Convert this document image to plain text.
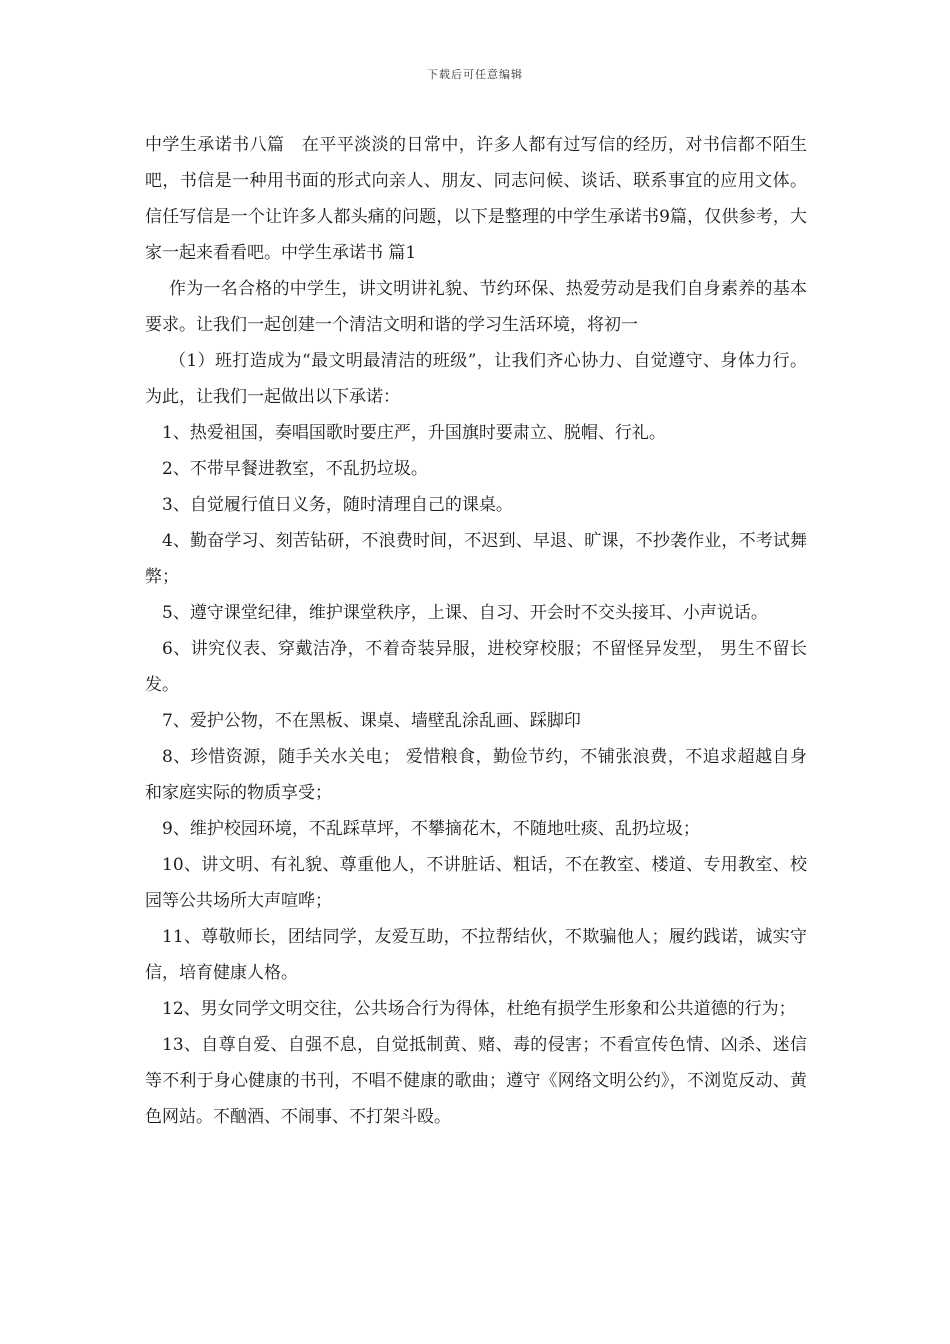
下载后可任意编辑

中学生承诺书八篇　在平平淡淡的日常中，许多人都有过写信的经历，对书信都不陌生吧，书信是一种用书面的形式向亲人、朋友、同志问候、谈话、联系事宜的应用文体。信任写信是一个让许多人都头痛的问题，以下是整理的中学生承诺书9篇，仅供参考，大家一起来看看吧。中学生承诺书 篇1

作为一名合格的中学生，讲文明讲礼貌、节约环保、热爱劳动是我们自身素养的基本要求。让我们一起创建一个清洁文明和谐的学习生活环境，将初一

（1）班打造成为“最文明最清洁的班级”，让我们齐心协力、自觉遵守、身体力行。为此，让我们一起做出以下承诺：

1、热爱祖国，奏唱国歌时要庄严，升国旗时要肃立、脱帽、行礼。

2、不带早餐进教室，不乱扔垃圾。

3、自觉履行值日义务，随时清理自己的课桌。

4、勤奋学习、刻苦钻研，不浪费时间，不迟到、早退、旷课，不抄袭作业，不考试舞弊；

5、遵守课堂纪律，维护课堂秩序，上课、自习、开会时不交头接耳、小声说话。

6、讲究仪表、穿戴洁净，不着奇装异服，进校穿校服；不留怪异发型， 男生不留长发。

7、爱护公物，不在黑板、课桌、墙壁乱涂乱画、踩脚印

8、珍惜资源，随手关水关电； 爱惜粮食，勤俭节约，不铺张浪费，不追求超越自身和家庭实际的物质享受；

9、维护校园环境，不乱踩草坪，不攀摘花木，不随地吐痰、乱扔垃圾；

10、讲文明、有礼貌、尊重他人，不讲脏话、粗话，不在教室、楼道、专用教室、校园等公共场所大声喧哗；

11、尊敬师长，团结同学，友爱互助，不拉帮结伙，不欺骗他人；履约践诺，诚实守信，培育健康人格。

12、男女同学文明交往，公共场合行为得体，杜绝有损学生形象和公共道德的行为；

13、自尊自爱、自强不息，自觉抵制黄、赌、毒的侵害；不看宣传色情、凶杀、迷信等不利于身心健康的书刊，不唱不健康的歌曲；遵守《网络文明公约》，不浏览反动、黄色网站。不酗酒、不闹事、不打架斗殴。
